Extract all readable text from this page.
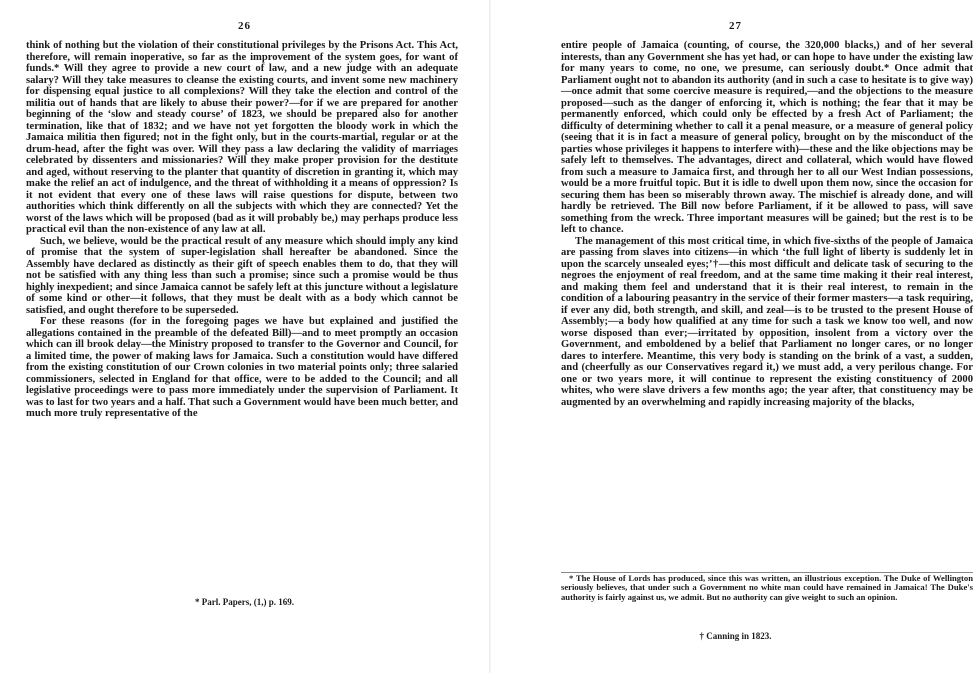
26

think of nothing but the violation of their constitutional privileges by the Prisons Act. This Act, therefore, will remain inoperative, so far as the improvement of the system goes, for want of funds.* Will they agree to provide a new court of law, and a new judge with an adequate salary? Will they take measures to cleanse the existing courts, and invent some new machinery for dispensing equal justice to all complexions? Will they take the election and control of the militia out of hands that are likely to abuse their power?—for if we are prepared for another beginning of the ‘slow and steady course’ of 1823, we should be prepared also for another termination, like that of 1832; and we have not yet forgotten the bloody work in which the Jamaica militia then figured; not in the fight only, but in the courts-martial, regular or at the drum-head, after the fight was over. Will they pass a law declaring the validity of marriages celebrated by dissenters and missionaries? Will they make proper provision for the destitute and aged, without reserving to the planter that quantity of discretion in granting it, which may make the relief an act of indulgence, and the threat of withholding it a means of oppression? Is it not evident that every one of these laws will raise questions for dispute, between two authorities which think differently on all the subjects with which they are connected? Yet the worst of the laws which will be proposed (bad as it will probably be,) may perhaps produce less practical evil than the non-existence of any law at all.

Such, we believe, would be the practical result of any measure which should imply any kind of promise that the system of super-legislation shall hereafter be abandoned. Since the Assembly have declared as distinctly as their gift of speech enables them to do, that they will not be satisfied with any thing less than such a promise; since such a promise would be thus highly inexpedient; and since Jamaica cannot be safely left at this juncture without a legislature of some kind or other—it follows, that they must be dealt with as a body which cannot be satisfied, and ought therefore to be superseded.

For these reasons (for in the foregoing pages we have but explained and justified the allegations contained in the preamble of the defeated Bill)—and to meet promptly an occasion which can ill brook delay—the Ministry proposed to transfer to the Governor and Council, for a limited time, the power of making laws for Jamaica. Such a constitution would have differed from the existing constitution of our Crown colonies in two material points only; three salaried commissioners, selected in England for that office, were to be added to the Council; and all legislative proceedings were to pass more immediately under the supervision of Parliament. It was to last for two years and a half. That such a Government would have been much better, and much more truly representative of the

* Parl. Papers, (1,) p. 169.
27

entire people of Jamaica (counting, of course, the 320,000 blacks,) and of her several interests, than any Government she has yet had, or can hope to have under the existing law for many years to come, no one, we presume, can seriously doubt.* Once admit that Parliament ought not to abandon its authority (and in such a case to hesitate is to give way)—once admit that some coercive measure is required,—and the objections to the measure proposed—such as the danger of enforcing it, which is nothing; the fear that it may be permanently enforced, which could only be effected by a fresh Act of Parliament; the difficulty of determining whether to call it a penal measure, or a measure of general policy (seeing that it is in fact a measure of general policy, brought on by the misconduct of the parties whose privileges it happens to interfere with)—these and the like objections may be safely left to themselves. The advantages, direct and collateral, which would have flowed from such a measure to Jamaica first, and through her to all our West Indian possessions, would be a more fruitful topic. But it is idle to dwell upon them now, since the occasion for securing them has been so miserably thrown away. The mischief is already done, and will hardly be retrieved. The Bill now before Parliament, if it be allowed to pass, will save something from the wreck. Three important measures will be gained; but the rest is to be left to chance.

The management of this most critical time, in which five-sixths of the people of Jamaica are passing from slaves into citizens—in which ‘the full light of liberty is suddenly let in upon the scarcely unsealed eyes;’†—this most difficult and delicate task of securing to the negroes the enjoyment of real freedom, and at the same time making it their real interest, and making them feel and understand that it is their real interest, to remain in the condition of a labouring peasantry in the service of their former masters—a task requiring, if ever any did, both strength, and skill, and zeal—is to be trusted to the present House of Assembly;—a body how qualified at any time for such a task we know too well, and now worse disposed than ever;—irritated by opposition, insolent from a victory over the Government, and emboldened by a belief that Parliament no longer cares, or no longer dares to interfere. Meantime, this very body is standing on the brink of a vast, a sudden, and (cheerfully as our Conservatives regard it,) we must add, a very perilous change. For one or two years more, it will continue to represent the existing constituency of 2000 whites, who were slave drivers a few months ago; the year after, that constituency may be augmented by an overwhelming and rapidly increasing majority of the blacks,

* The House of Lords has produced, since this was written, an illustrious exception. The Duke of Wellington seriously believes, that under such a Government no white man could have remained in Jamaica! The Duke's authority is fairly against us, we admit. But no authority can give weight to such an opinion.

† Canning in 1823.
